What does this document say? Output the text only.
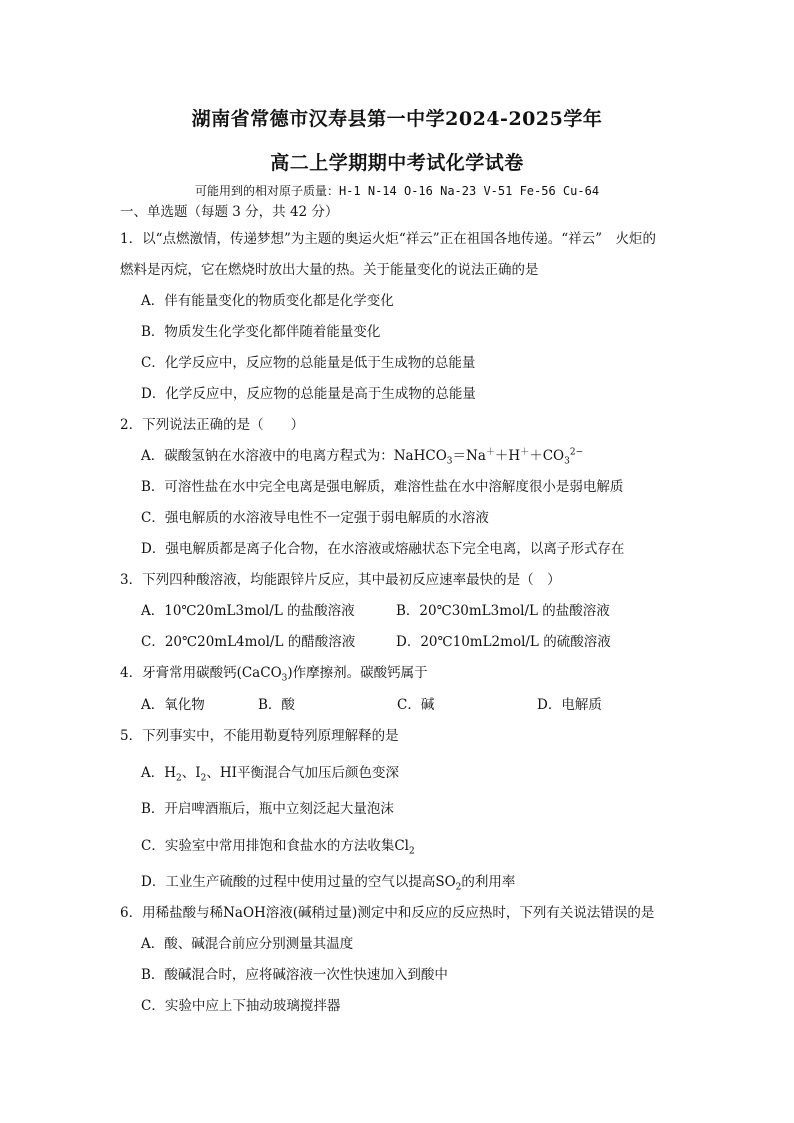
湖南省常德市汉寿县第一中学2024-2025学年
高二上学期期中考试化学试卷
可能用到的相对原子质量：H-1 N-14 O-16 Na-23 V-51 Fe-56 Cu-64
一、单选题（每题 3 分，共 42 分）
1．以“点燃激情，传递梦想”为主题的奥运火炬“祥云”正在祖国各地传递。“祥云”　火炬的
燃料是丙烷，它在燃烧时放出大量的热。关于能量变化的说法正确的是
A．伴有能量变化的物质变化都是化学变化
B．物质发生化学变化都伴随着能量变化
C．化学反应中，反应物的总能量是低于生成物的总能量
D．化学反应中，反应物的总能量是高于生成物的总能量
2．下列说法正确的是（　　）
A．碳酸氢钠在水溶液中的电离方程式为：$NaHCO_3=Na^++H^++CO_3^{2-}$
B．可溶性盐在水中完全电离是强电解质，难溶性盐在水中溶解度很小是弱电解质
C．强电解质的水溶液导电性不一定强于弱电解质的水溶液
D．强电解质都是离子化合物，在水溶液或熔融状态下完全电离，以离子形式存在
3．下列四种酸溶液，均能跟锌片反应，其中最初反应速率最快的是（　）
A．10℃20mL3mol/L 的盐酸溶液	B．20℃30mL3mol/L 的盐酸溶液
C．20℃20mL4mol/L 的醋酸溶液	D．20℃10mL2mol/L 的硫酸溶液
4．牙膏常用碳酸钙(CaCO$_3$)作摩擦剂。碳酸钙属于
A．氧化物	B．酸	C．碱	D．电解质
5．下列事实中，不能用勒夏特列原理解释的是
A．$H_2$、$I_2$、HI平衡混合气加压后颜色变深
B．开启啤酒瓶后，瓶中立刻泛起大量泡沫
C．实验室中常用排饱和食盐水的方法收集$Cl_2$
D．工业生产硫酸的过程中使用过量的空气以提高$SO_2$的利用率
6．用稀盐酸与稀NaOH溶液(碱稍过量)测定中和反应的反应热时，下列有关说法错误的是
A．酸、碱混合前应分别测量其温度
B．酸碱混合时，应将碱溶液一次性快速加入到酸中
C．实验中应上下抽动玻璃搅拌器
